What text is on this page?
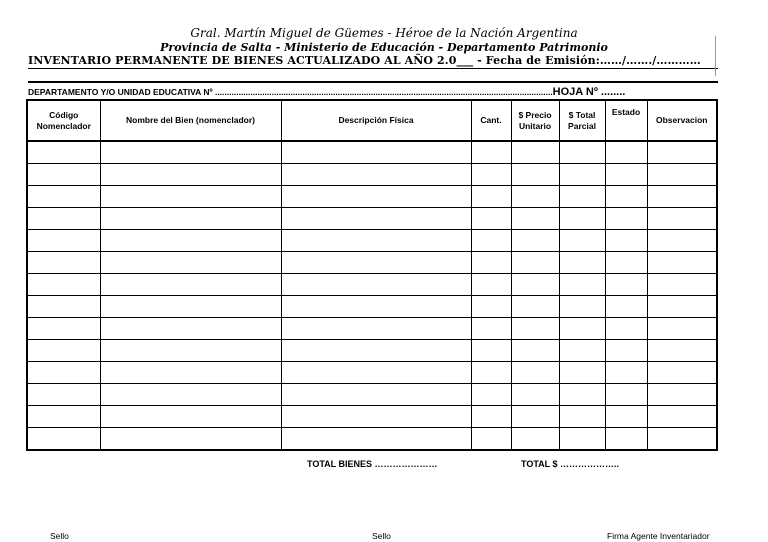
Gral. Martín Miguel de Güemes - Héroe de la Nación Argentina
Provincia de Salta - Ministerio de Educación - Departamento Patrimonio
INVENTARIO PERMANENTE DE BIENES ACTUALIZADO AL AÑO 2.0___ - Fecha de Emisión:……/……./…………
DEPARTAMENTO Y/O UNIDAD EDUCATIVA Nº ...............................................................................................................................................HOJA Nº ........
Código Nomenclador	Nombre del Bien (nomenclador)	Descripción Física	Cant.	$ Precio Unitario	$ Total Parcial	Estado	Observacion

TOTAL BIENES …………………	TOTAL $ ………………..
Sello	Sello	Firma Agente Inventariador
